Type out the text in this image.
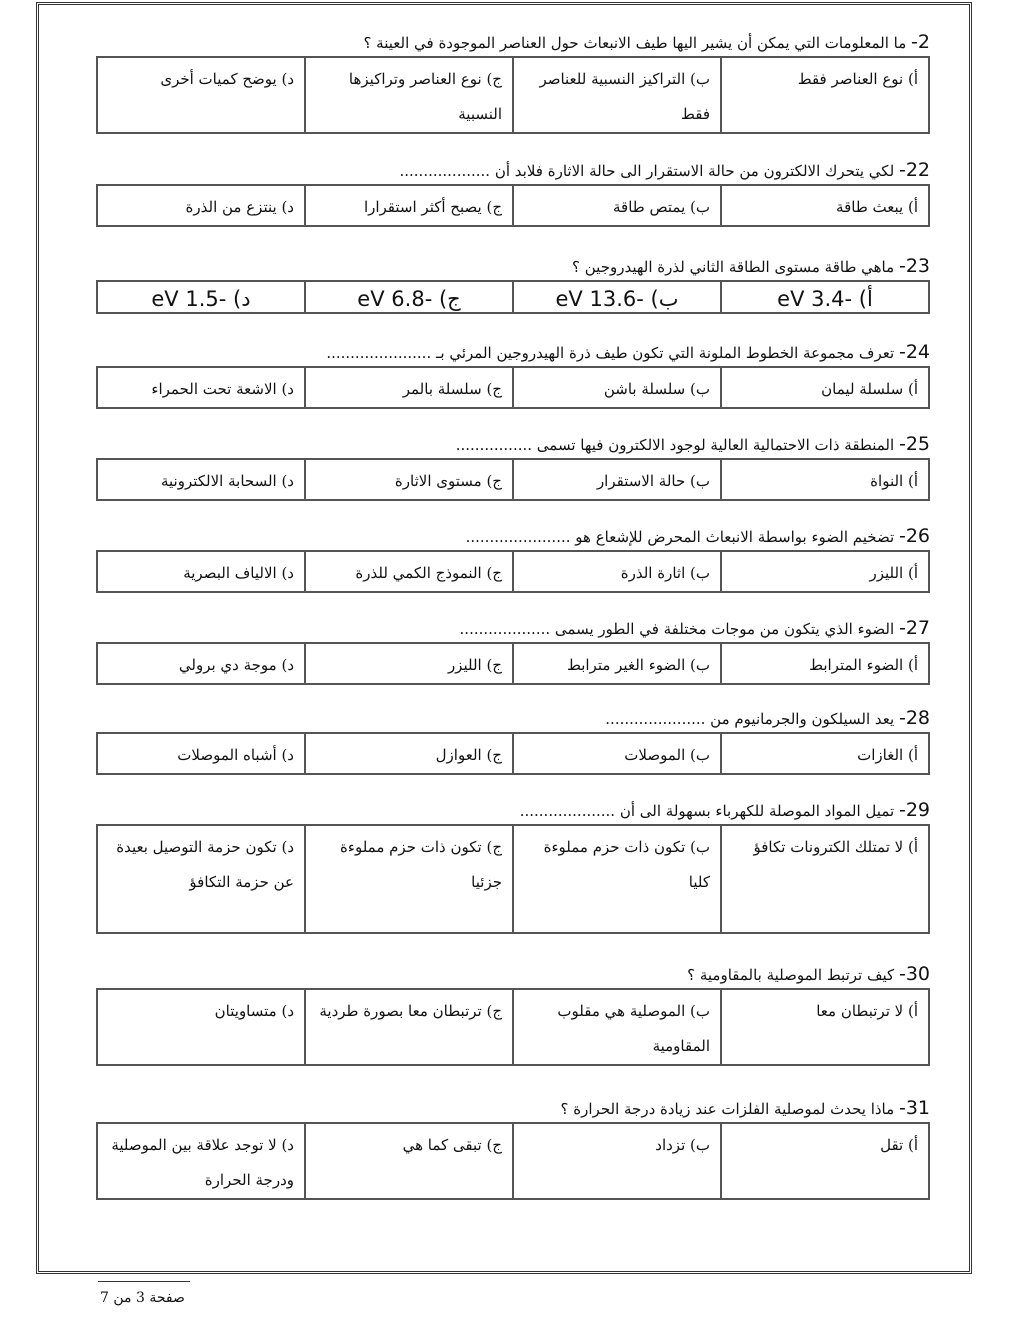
2- ما المعلومات التي يمكن أن يشير اليها طيف الانبعاث حول العناصر الموجودة في العينة ؟
أ) نوع العناصر فقط	ب) التراكيز النسبية للعناصر فقط	ج) نوع العناصر وتراكيزها النسبية	د) يوضح كميات أخرى
22- لكي يتحرك الالكترون من حالة الاستقرار الى حالة الاثارة فلابد أن ...................
أ) يبعث طاقة	ب) يمتص طاقة	ج) يصبح أكثر استقرارا	د) ينتزع من الذرة
23- ماهي طاقة مستوى الطاقة الثاني لذرة الهيدروجين ؟
أ) -3.4 eV	ب) -13.6 eV	ج) -6.8 eV	د) -1.5 eV
24- تعرف مجموعة الخطوط الملونة التي تكون طيف ذرة الهيدروجين المرئي بـ ......................
أ) سلسلة ليمان	ب) سلسلة باشن	ج) سلسلة بالمر	د) الاشعة تحت الحمراء
25- المنطقة ذات الاحتمالية العالية لوجود الالكترون فيها تسمى ................
أ) النواة	ب) حالة الاستقرار	ج) مستوى الاثارة	د) السحابة الالكترونية
26- تضخيم الضوء بواسطة الانبعاث المحرض للإشعاع هو ......................
أ) الليزر	ب) اثارة الذرة	ج) النموذج الكمي للذرة	د) الالياف البصرية
27- الضوء الذي يتكون من موجات مختلفة في الطور يسمى ...................
أ) الضوء المترابط	ب) الضوء الغير مترابط	ج) الليزر	د) موجة دي برولي
28- يعد السيلكون والجرمانيوم من .....................
أ) الغازات	ب) الموصلات	ج) العوازل	د) أشباه الموصلات
29- تميل المواد الموصلة للكهرباء بسهولة الى أن ....................
أ) لا تمتلك الكترونات تكافؤ	ب) تكون ذات حزم مملوءة كليا	ج) تكون ذات حزم مملوءة جزئيا	د) تكون حزمة التوصيل بعيدة عن حزمة التكافؤ
30- كيف ترتبط الموصلية بالمقاومية ؟
أ) لا ترتبطان معا	ب) الموصلية هي مقلوب المقاومية	ج) ترتبطان معا بصورة طردية	د) متساويتان
31- ماذا يحدث لموصلية الفلزات عند زيادة درجة الحرارة ؟
أ) تقل	ب) تزداد	ج) تبقى كما هي	د) لا توجد علاقة بين الموصلية ودرجة الحرارة
صفحة 3 من 7
